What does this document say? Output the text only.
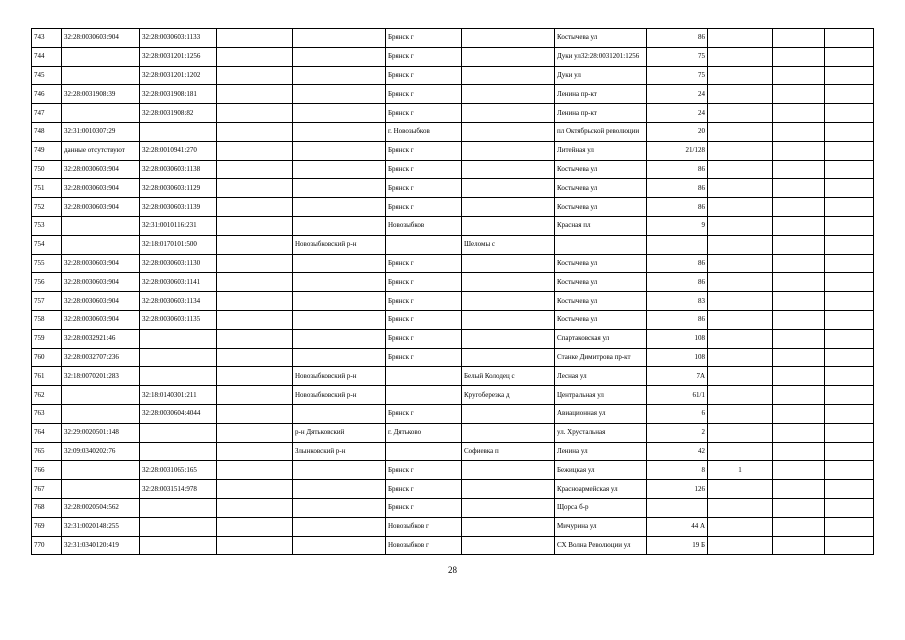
743	32:28:0030603:904	32:28:0030603:1133			Брянск г		Костычева ул	86			
744		32:28:0031201:1256			Брянск г		Дуки ул32:28:0031201:1256	75			
745		32:28:0031201:1202			Брянск г		Дуки ул	75			
746	32:28:0031908:39	32:28:0031908:181			Брянск г		Ленина пр-кт	24			
747		32:28:0031908:82			Брянск г		Ленина пр-кт	24			
748	32:31:0010307:29				г. Новозыбков		пл Октябрьской революции	20			
749	данные отсутствуют	32:28:0010941:270			Брянск г		Литейная ул	21/128			
750	32:28:0030603:904	32:28:0030603:1138			Брянск г		Костычева ул	86			
751	32:28:0030603:904	32:28:0030603:1129			Брянск г		Костычева ул	86			
752	32:28:0030603:904	32:28:0030603:1139			Брянск г		Костычева ул	86			
753		32:31:0010116:231			Новозыбков		Красная пл	9			
754		32:18:0170101:500		Новозыбковский р-н		Шеломы с					
755	32:28:0030603:904	32:28:0030603:1130			Брянск г		Костычева ул	86			
756	32:28:0030603:904	32:28:0030603:1141			Брянск г		Костычева ул	86			
757	32:28:0030603:904	32:28:0030603:1134			Брянск г		Костычева ул	83			
758	32:28:0030603:904	32:28:0030603:1135			Брянск г		Костычева ул	86			
759	32:28:0032921:46				Брянск г		Спартаковская ул	108			
760	32:28:0032707:236				Брянск г		Станке Димитрова пр-кт	108			
761	32:18:0070201:283			Новозыбковский р-н		Белый Колодец с	Лесная ул	7А			
762		32:18:0140301:211		Новозыбковский р-н		Кругоберезка д	Центральная ул	61/1			
763		32:28:0030604:4044			Брянск г		Авиационная ул	6			
764	32:29:0020501:148			р-н Дятьковский	г. Дятьково		ул. Хрустальная	2			
765	32:09:0340202:76			Злынковский р-н		Софиевка п	Ленина ул	42			
766		32:28:0031065:165			Брянск г		Бежицкая ул	8	1		
767		32:28:0031514:978			Брянск г		Красноармейская ул	126			
768	32:28:0020504:562				Брянск г		Щорса б-р				
769	32:31:0020148:255				Новозыбков г		Мичурина ул	44 А			
770	32:31:0340120:419				Новозыбков г		СХ Волна Революции ул	19 Б			
28
